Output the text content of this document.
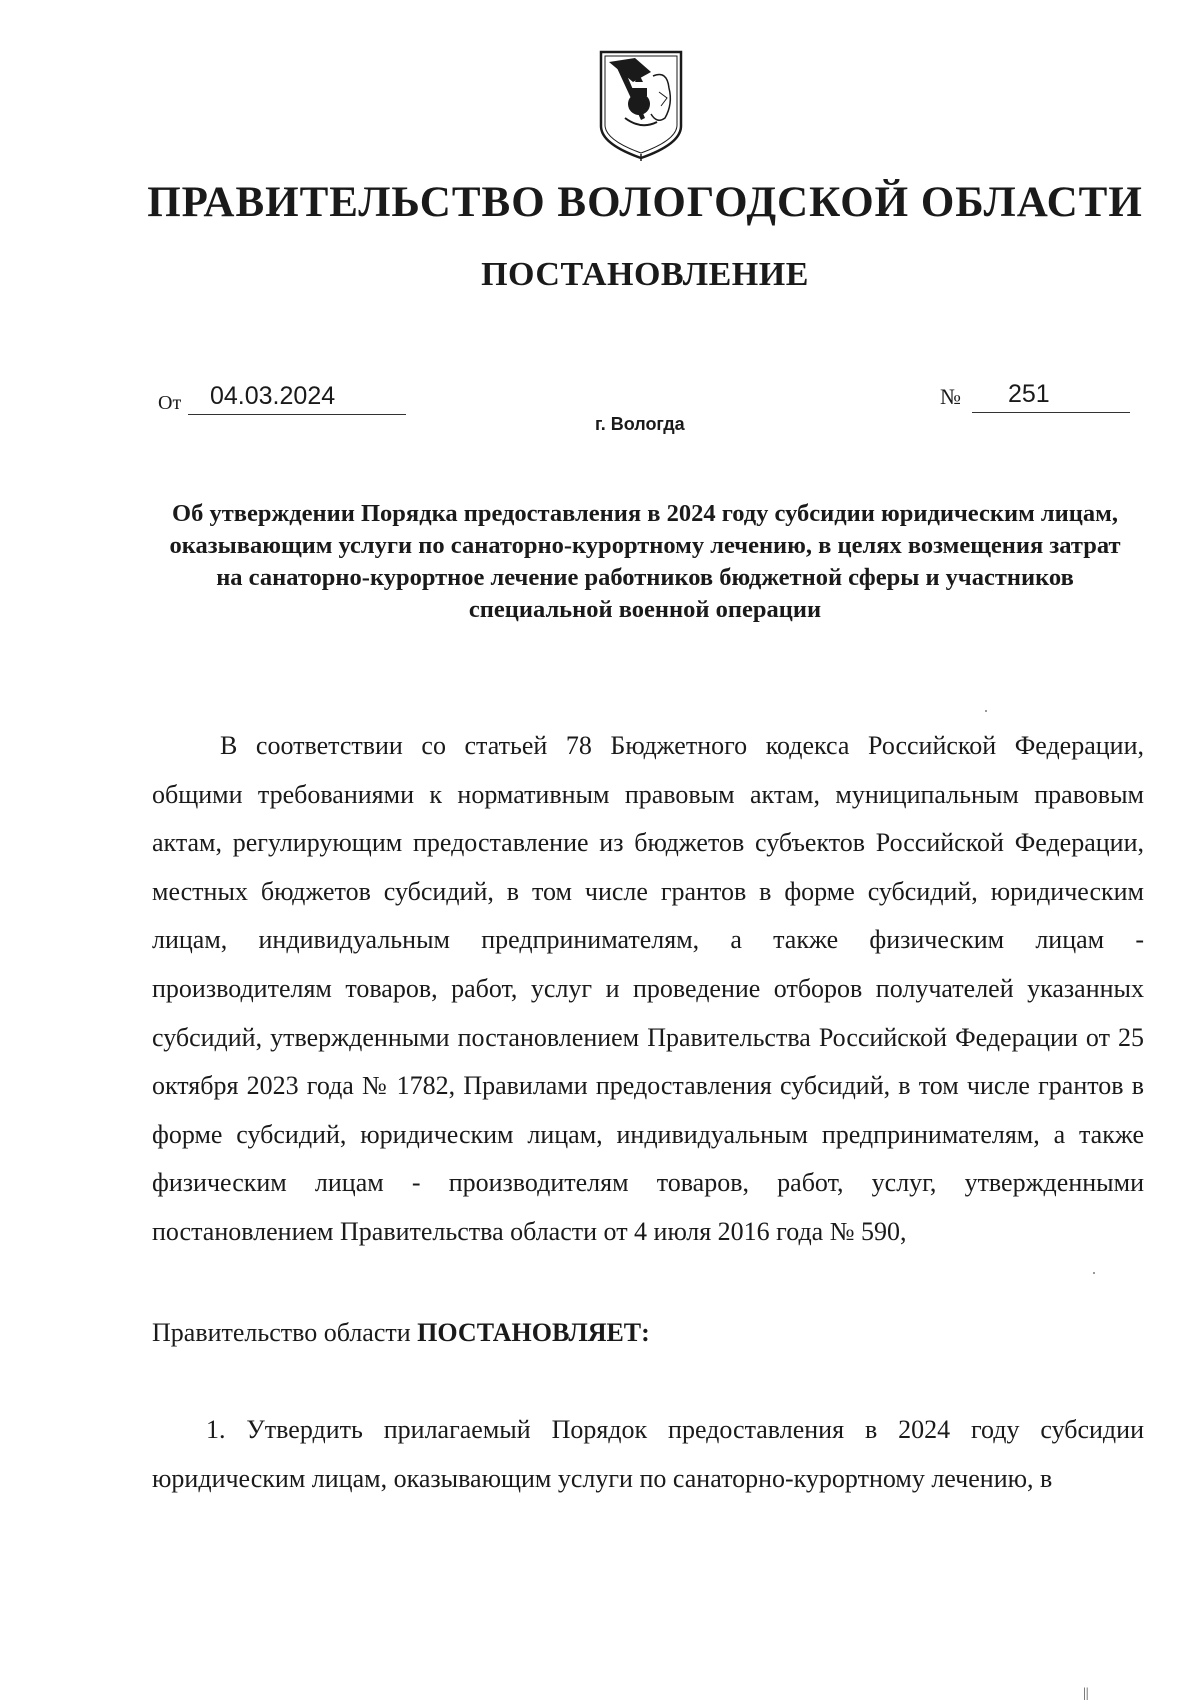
ПРАВИТЕЛЬСТВО ВОЛОГОДСКОЙ ОБЛАСТИ
ПОСТАНОВЛЕНИЕ
От	04.03.2024	№	251
г. Вологда
Об утверждении Порядка предоставления в 2024 году субсидии юридическим лицам, оказывающим услуги по санаторно-курортному лечению, в целях возмещения затрат на санаторно-курортное лечение работников бюджетной сферы и участников специальной военной операции
В соответствии со статьей 78 Бюджетного кодекса Российской Федерации, общими требованиями к нормативным правовым актам, муниципальным правовым актам, регулирующим предоставление из бюджетов субъектов Российской Федерации, местных бюджетов субсидий, в том числе грантов в форме субсидий, юридическим лицам, индивидуальным предпринимателям, а также физическим лицам - производителям товаров, работ, услуг и проведение отборов получателей указанных субсидий, утвержденными постановлением Правительства Российской Федерации от 25 октября 2023 года № 1782, Правилами предоставления субсидий, в том числе грантов в форме субсидий, юридическим лицам, индивидуальным предпринимателям, а также физическим лицам - производителям товаров, работ, услуг, утвержденными постановлением Правительства области от 4 июля 2016 года № 590,
Правительство области ПОСТАНОВЛЯЕТ:
1. Утвердить прилагаемый Порядок предоставления в 2024 году субсидии юридическим лицам, оказывающим услуги по санаторно-курортному лечению, в
||
